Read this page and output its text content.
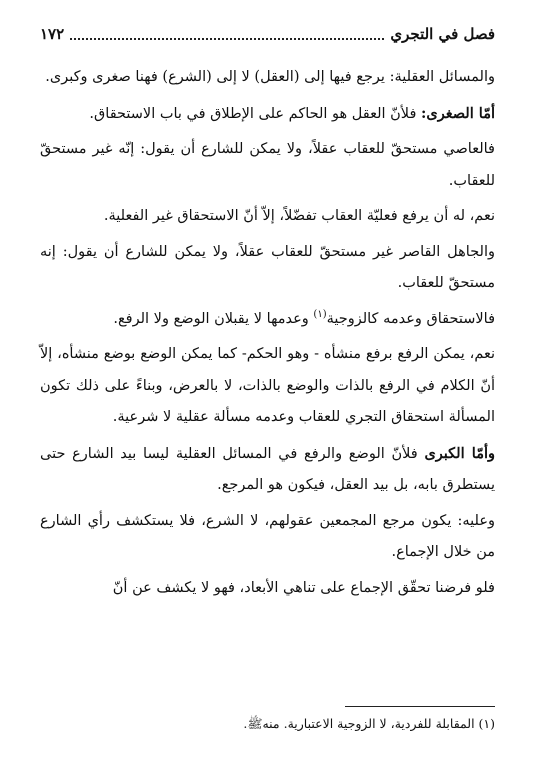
فصل في التجري
١٧٢

والمسائل العقلية: يرجع فيها إلى (العقل) لا إلى (الشرع) فهنا صغرى وكبرى.

أمّا الصغرى: فلأنّ العقل هو الحاكم على الإطلاق في باب الاستحقاق.

فالعاصي مستحقّ للعقاب عقلاً، ولا يمكن للشارع أن يقول: إنّه غير مستحقّ للعقاب.

نعم، له أن يرفع فعليّة العقاب تفضّلاً، إلاّ أنّ الاستحقاق غير الفعلية.

والجاهل القاصر غير مستحقّ للعقاب عقلاً، ولا يمكن للشارع أن يقول: إنه مستحقّ للعقاب.

فالاستحقاق وعدمه كالزوجية$^{(١)}$ وعدمها لا يقبلان الوضع ولا الرفع.

نعم، يمكن الرفع برفع منشأه - وهو الحكم- كما يمكن الوضع بوضع منشأه، إلاّ أنّ الكلام في الرفع بالذات والوضع بالذات، لا بالعرض، وبناءً على ذلك تكون المسألة استحقاق التجري للعقاب وعدمه مسألة عقلية لا شرعية.

وأمّا الكبرى فلأنّ الوضع والرفع في المسائل العقلية ليسا بيد الشارع حتى يستطرق بابه، بل بيد العقل، فيكون هو المرجع.

وعليه: يكون مرجع المجمعين عقولهم، لا الشرع، فلا يستكشف رأي الشارع من خلال الإجماع.

فلو فرضنا تحقّق الإجماع على تناهي الأبعاد، فهو لا يكشف عن أنّ

(١) المقابلة للفردية، لا الزوجية الاعتبارية. منهﷺ.
